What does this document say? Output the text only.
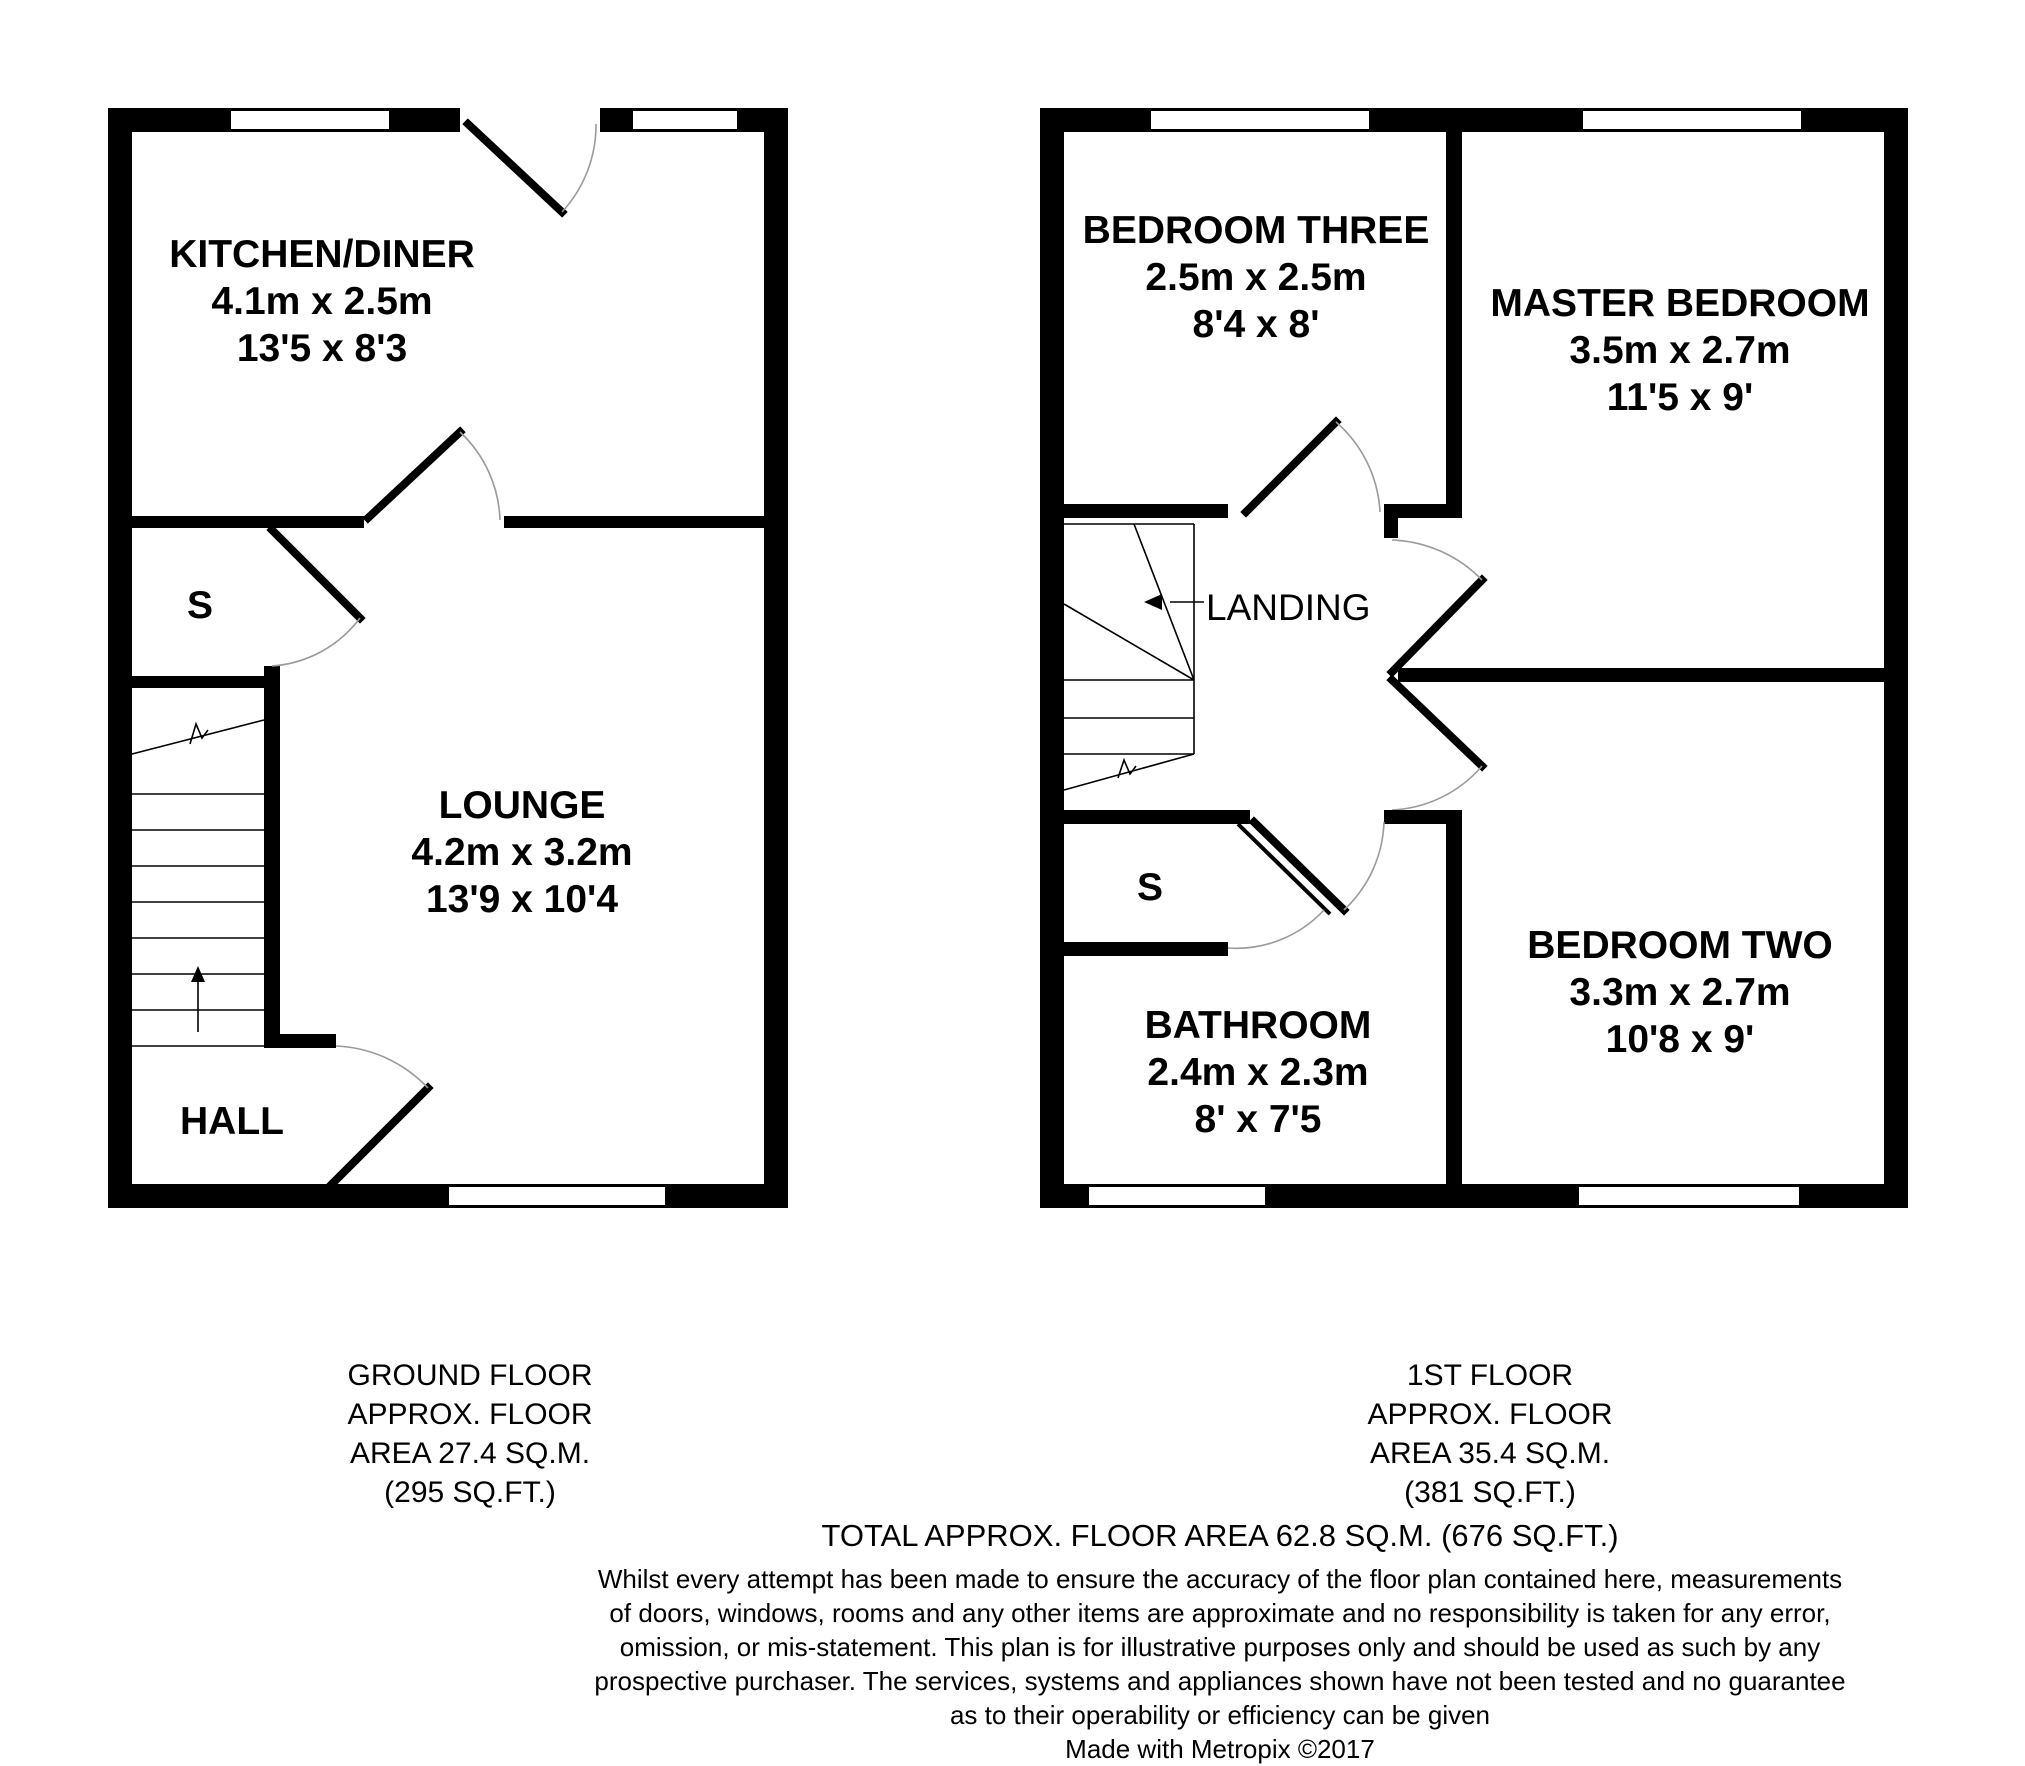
KITCHEN/DINER
4.1m x 2.5m
13'5 x 8'3
LOUNGE
4.2m x 3.2m
13'9 x 10'4
S
HALL
BEDROOM THREE
2.5m x 2.5m
8'4 x 8'	MASTER BEDROOM
3.5m x 2.7m
11'5 x 9'
LANDING
S
BATHROOM
2.4m x 2.3m
8' x 7'5
BEDROOM TWO
3.3m x 2.7m
10'8 x 9'
GROUND FLOOR
APPROX. FLOOR
AREA 27.4 SQ.M.
(295 SQ.FT.)
1ST FLOOR
APPROX. FLOOR
AREA 35.4 SQ.M.
(381 SQ.FT.)
TOTAL APPROX. FLOOR AREA 62.8 SQ.M. (676 SQ.FT.)
Whilst every attempt has been made to ensure the accuracy of the floor plan contained here, measurements
of doors, windows, rooms and any other items are approximate and no responsibility is taken for any error,
omission, or mis-statement. This plan is for illustrative purposes only and should be used as such by any
prospective purchaser. The services, systems and appliances shown have not been tested and no guarantee
as to their operability or efficiency can be given
Made with Metropix ©2017
